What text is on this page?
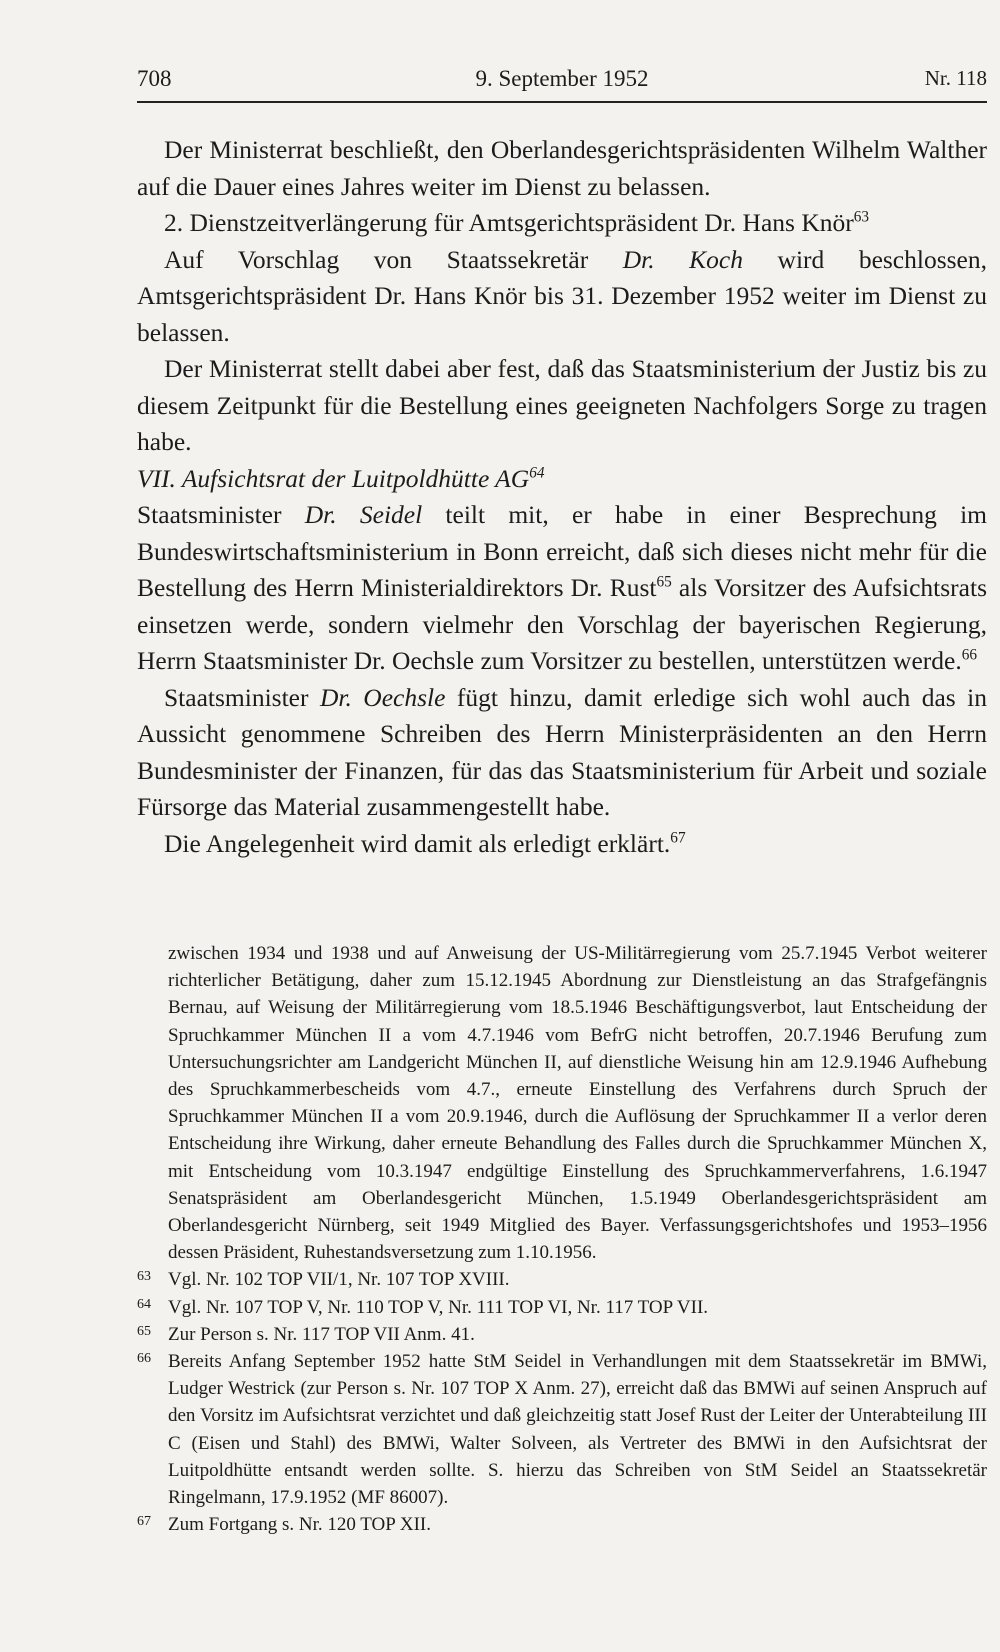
708	9. September 1952	Nr. 118

Der Ministerrat beschließt, den Oberlandesgerichtspräsidenten Wilhelm Walther auf die Dauer eines Jahres weiter im Dienst zu belassen.

2. Dienstzeitverlängerung für Amtsgerichtspräsident Dr. Hans Knör$^{63}$

Auf Vorschlag von Staatssekretär Dr. Koch wird beschlossen, Amtsgerichtspräsident Dr. Hans Knör bis 31. Dezember 1952 weiter im Dienst zu belassen.

Der Ministerrat stellt dabei aber fest, daß das Staatsministerium der Justiz bis zu diesem Zeitpunkt für die Bestellung eines geeigneten Nachfolgers Sorge zu tragen habe.

VII. Aufsichtsrat der Luitpoldhütte AG$^{64}$

Staatsminister Dr. Seidel teilt mit, er habe in einer Besprechung im Bundeswirtschaftsministerium in Bonn erreicht, daß sich dieses nicht mehr für die Bestellung des Herrn Ministerialdirektors Dr. Rust$^{65}$ als Vorsitzer des Aufsichtsrats einsetzen werde, sondern vielmehr den Vorschlag der bayerischen Regierung, Herrn Staatsminister Dr. Oechsle zum Vorsitzer zu bestellen, unterstützen werde.$^{66}$

Staatsminister Dr. Oechsle fügt hinzu, damit erledige sich wohl auch das in Aussicht genommene Schreiben des Herrn Ministerpräsidenten an den Herrn Bundesminister der Finanzen, für das das Staatsministerium für Arbeit und soziale Fürsorge das Material zusammengestellt habe.

Die Angelegenheit wird damit als erledigt erklärt.$^{67}$

zwischen 1934 und 1938 und auf Anweisung der US-Militärregierung vom 25.7.1945 Verbot weiterer richterlicher Betätigung, daher zum 15.12.1945 Abordnung zur Dienstleistung an das Strafgefängnis Bernau, auf Weisung der Militärregierung vom 18.5.1946 Beschäftigungsverbot, laut Entscheidung der Spruchkammer München II a vom 4.7.1946 vom BefrG nicht betroffen, 20.7.1946 Berufung zum Untersuchungsrichter am Landgericht München II, auf dienstliche Weisung hin am 12.9.1946 Aufhebung des Spruchkammerbescheids vom 4.7., erneute Einstellung des Verfahrens durch Spruch der Spruchkammer München II a vom 20.9.1946, durch die Auflösung der Spruchkammer II a verlor deren Entscheidung ihre Wirkung, daher erneute Behandlung des Falles durch die Spruchkammer München X, mit Entscheidung vom 10.3.1947 endgültige Einstellung des Spruchkammerverfahrens, 1.6.1947 Senatspräsident am Oberlandesgericht München, 1.5.1949 Oberlandesgerichtspräsident am Oberlandesgericht Nürnberg, seit 1949 Mitglied des Bayer. Verfassungsgerichtshofes und 1953–1956 dessen Präsident, Ruhestandsversetzung zum 1.10.1956.

63 Vgl. Nr. 102 TOP VII/1, Nr. 107 TOP XVIII.
64 Vgl. Nr. 107 TOP V, Nr. 110 TOP V, Nr. 111 TOP VI, Nr. 117 TOP VII.
65 Zur Person s. Nr. 117 TOP VII Anm. 41.
66 Bereits Anfang September 1952 hatte StM Seidel in Verhandlungen mit dem Staatssekretär im BMWi, Ludger Westrick (zur Person s. Nr. 107 TOP X Anm. 27), erreicht daß das BMWi auf seinen Anspruch auf den Vorsitz im Aufsichtsrat verzichtet und daß gleichzeitig statt Josef Rust der Leiter der Unterabteilung III C (Eisen und Stahl) des BMWi, Walter Solveen, als Vertreter des BMWi in den Aufsichtsrat der Luitpoldhütte entsandt werden sollte. S. hierzu das Schreiben von StM Seidel an Staatssekretär Ringelmann, 17.9.1952 (MF 86007).
67 Zum Fortgang s. Nr. 120 TOP XII.
